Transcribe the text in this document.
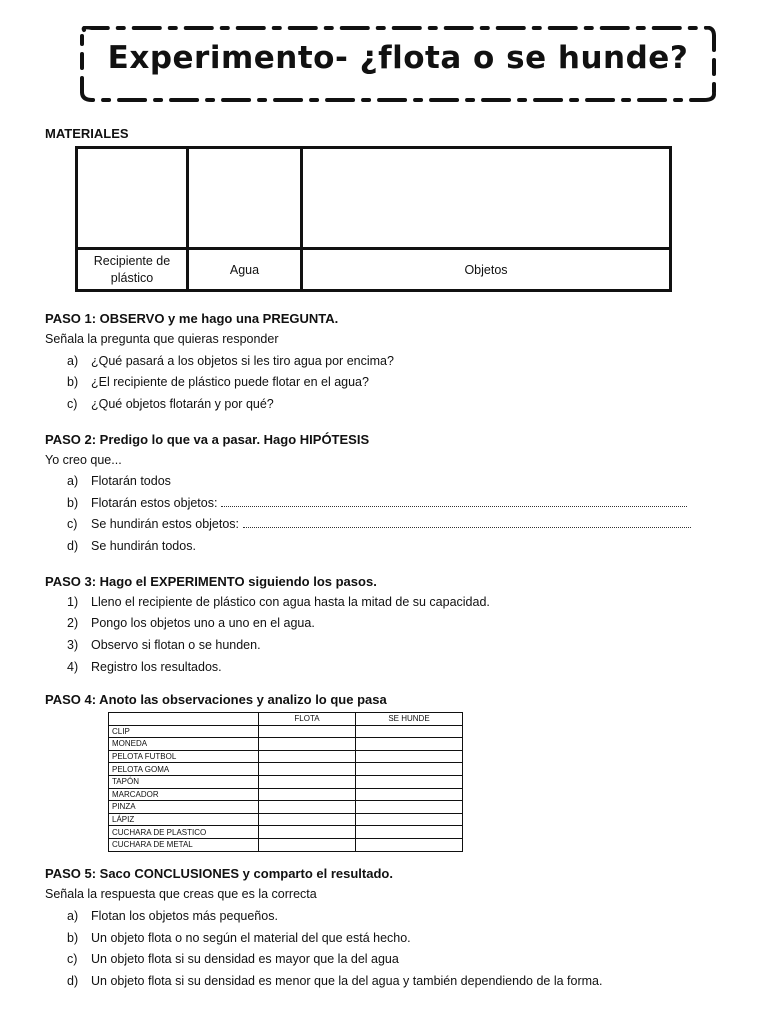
Experimento- ¿flota o se hunde?
MATERIALES

Recipiente de plástico	Agua	Objetos
PASO 1: OBSERVO y me hago una PREGUNTA.
Señala la pregunta que quieras responder
a) ¿Qué pasará a los objetos si les tiro agua por encima?
b) ¿El recipiente de plástico puede flotar en el agua?
c) ¿Qué objetos flotarán y por qué?
PASO 2: Predigo lo que va a pasar. Hago HIPÓTESIS
Yo creo que...
a) Flotarán todos
b) Flotarán estos objetos:
c) Se hundirán estos objetos:
d) Se hundirán todos.
PASO 3: Hago el EXPERIMENTO siguiendo los pasos.
1) Lleno el recipiente de plástico con agua hasta la mitad de su capacidad.
2) Pongo los objetos uno a uno en el agua.
3) Observo si flotan o se hunden.
4) Registro los resultados.
PASO 4: Anoto las observaciones y analizo lo que pasa
	FLOTA	SE HUNDE
CLIP		
MONEDA		
PELOTA FUTBOL		
PELOTA GOMA		
TAPÓN		
MARCADOR		
PINZA		
LÁPIZ		
CUCHARA DE PLASTICO		
CUCHARA DE METAL		
PASO 5: Saco CONCLUSIONES y comparto el resultado.
Señala la respuesta que creas que es la correcta
a) Flotan los objetos más pequeños.
b) Un objeto flota o no según el material del que está hecho.
c) Un objeto flota si su densidad es mayor que la del agua
d) Un objeto flota si su densidad es menor que la del agua y también dependiendo de la forma.
